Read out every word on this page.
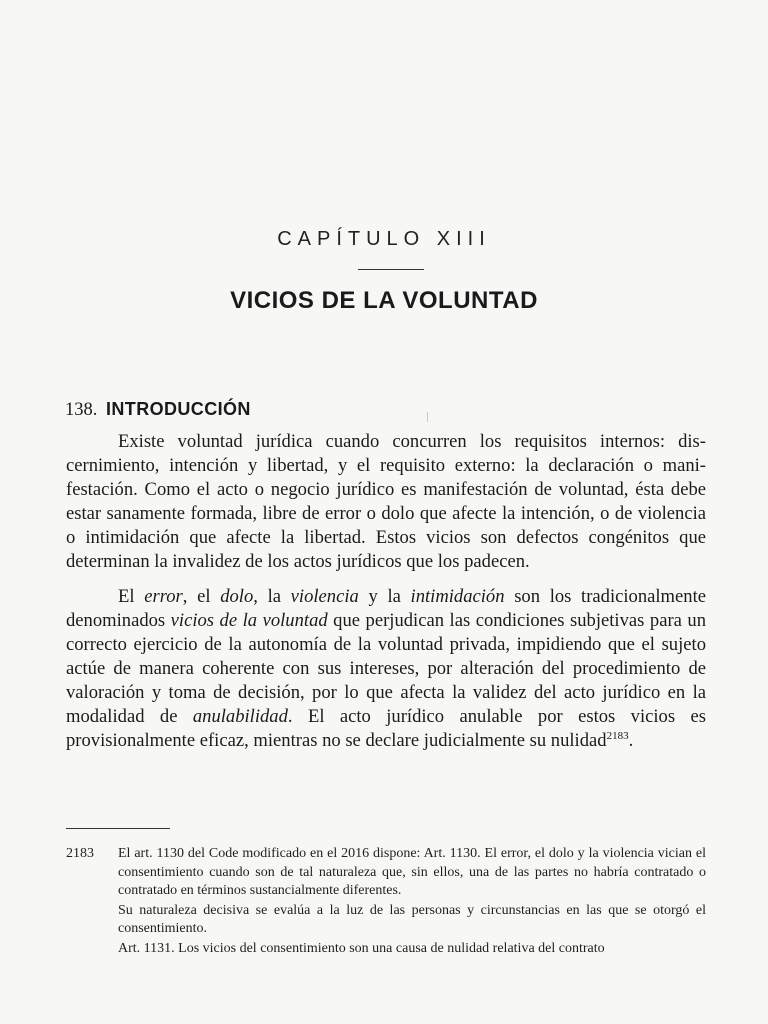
CAPÍTULO XIII
VICIOS DE LA VOLUNTAD
138. INTRODUCCIÓN

Existe voluntad jurídica cuando concurren los requisitos internos: discernimiento, intención y libertad, y el requisito externo: la declaración o manifestación. Como el acto o negocio jurídico es manifestación de voluntad, ésta debe estar sanamente formada, libre de error o dolo que afecte la intención, o de violencia o intimidación que afecte la libertad. Estos vicios son defectos congénitos que determinan la invalidez de los actos jurídicos que los padecen.

El error, el dolo, la violencia y la intimidación son los tradicionalmente denominados vicios de la voluntad que perjudican las condiciones subjetivas para un correcto ejercicio de la autonomía de la voluntad privada, impidiendo que el sujeto actúe de manera coherente con sus intereses, por alteración del procedimiento de valoración y toma de decisión, por lo que afecta la validez del acto jurídico en la modalidad de anulabilidad. El acto jurídico anulable por estos vicios es provisionalmente eficaz, mientras no se declare judicialmente su nulidad$^{2183}$.

2183 El art. 1130 del Code modificado en el 2016 dispone: Art. 1130. El error, el dolo y la violencia vician el consentimiento cuando son de tal naturaleza que, sin ellos, una de las partes no habría contratado o contratado en términos sustancialmente diferentes.

Su naturaleza decisiva se evalúa a la luz de las personas y circunstancias en las que se otorgó el consentimiento.

Art. 1131. Los vicios del consentimiento son una causa de nulidad relativa del contrato
